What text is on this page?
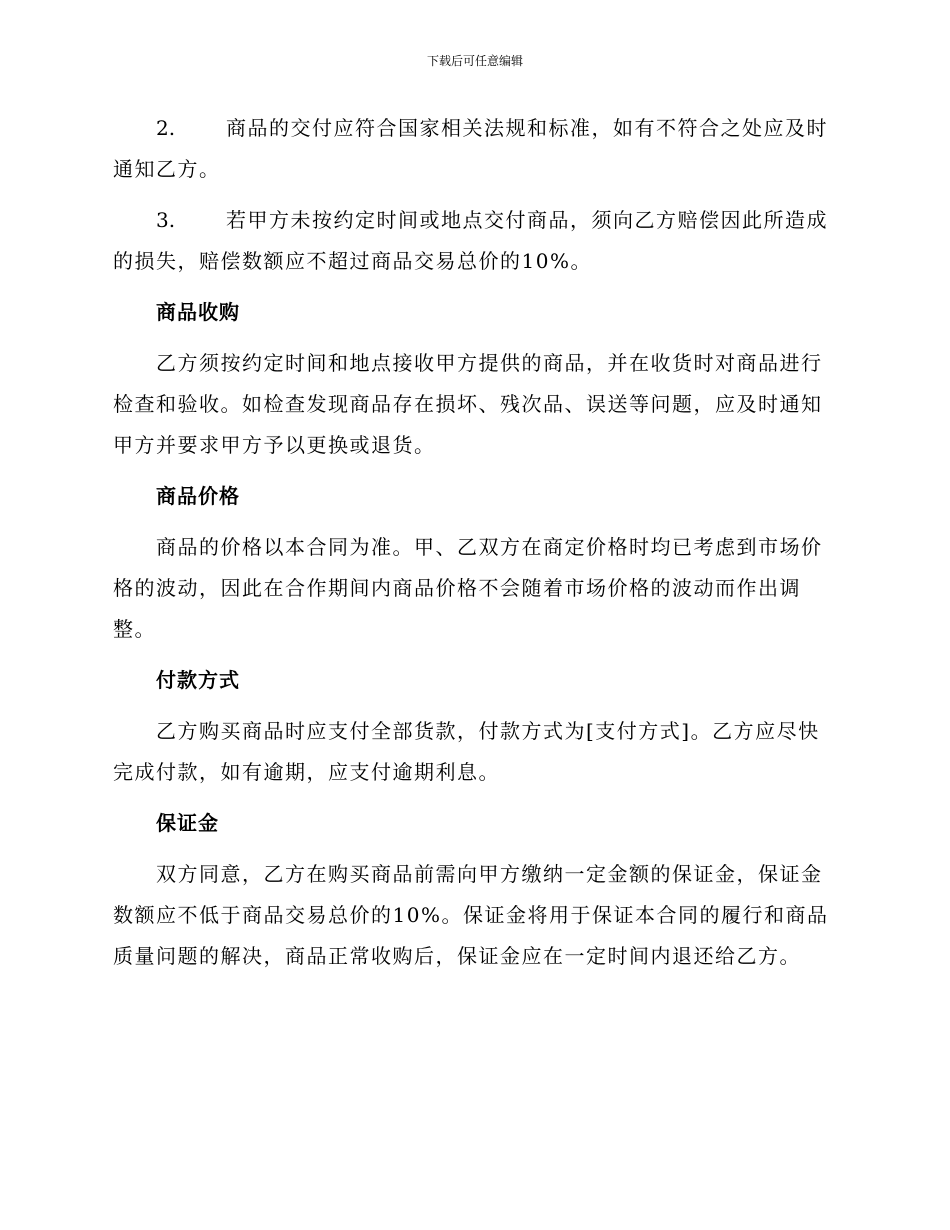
下载后可任意编辑

2.	商品的交付应符合国家相关法规和标准，如有不符合之处应及时通知乙方。

3.	若甲方未按约定时间或地点交付商品，须向乙方赔偿因此所造成的损失，赔偿数额应不超过商品交易总价的10%。

商品收购

乙方须按约定时间和地点接收甲方提供的商品，并在收货时对商品进行检查和验收。如检查发现商品存在损坏、残次品、误送等问题，应及时通知甲方并要求甲方予以更换或退货。

商品价格

商品的价格以本合同为准。甲、乙双方在商定价格时均已考虑到市场价格的波动，因此在合作期间内商品价格不会随着市场价格的波动而作出调整。

付款方式

乙方购买商品时应支付全部货款，付款方式为[支付方式]。乙方应尽快完成付款，如有逾期，应支付逾期利息。

保证金

双方同意，乙方在购买商品前需向甲方缴纳一定金额的保证金，保证金数额应不低于商品交易总价的10%。保证金将用于保证本合同的履行和商品质量问题的解决，商品正常收购后，保证金应在一定时间内退还给乙方。
